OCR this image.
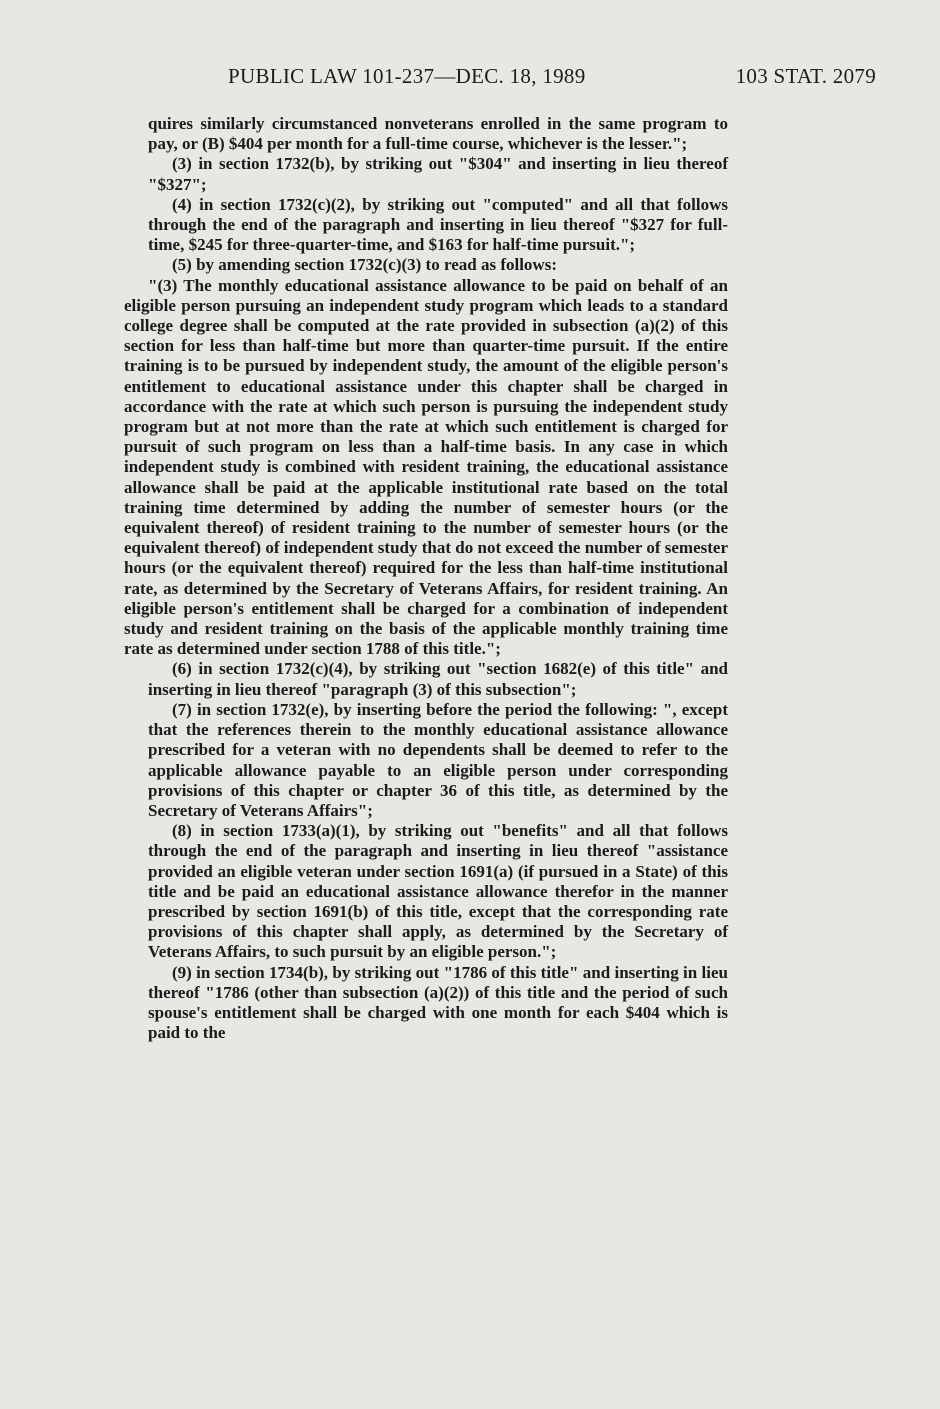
PUBLIC LAW 101-237—DEC. 18, 1989	103 STAT. 2079

quires similarly circumstanced nonveterans enrolled in the same program to pay, or (B) $404 per month for a full-time course, whichever is the lesser.";

(3) in section 1732(b), by striking out "$304" and inserting in lieu thereof "$327";

(4) in section 1732(c)(2), by striking out "computed" and all that follows through the end of the paragraph and inserting in lieu thereof "$327 for full-time, $245 for three-quarter-time, and $163 for half-time pursuit.";

(5) by amending section 1732(c)(3) to read as follows:

"(3) The monthly educational assistance allowance to be paid on behalf of an eligible person pursuing an independent study program which leads to a standard college degree shall be computed at the rate provided in subsection (a)(2) of this section for less than half-time but more than quarter-time pursuit. If the entire training is to be pursued by independent study, the amount of the eligible person's entitlement to educational assistance under this chapter shall be charged in accordance with the rate at which such person is pursuing the independent study program but at not more than the rate at which such entitlement is charged for pursuit of such program on less than a half-time basis. In any case in which independent study is combined with resident training, the educational assistance allowance shall be paid at the applicable institutional rate based on the total training time determined by adding the number of semester hours (or the equivalent thereof) of resident training to the number of semester hours (or the equivalent thereof) of independent study that do not exceed the number of semester hours (or the equivalent thereof) required for the less than half-time institutional rate, as determined by the Secretary of Veterans Affairs, for resident training. An eligible person's entitlement shall be charged for a combination of independent study and resident training on the basis of the applicable monthly training time rate as determined under section 1788 of this title.";

(6) in section 1732(c)(4), by striking out "section 1682(e) of this title" and inserting in lieu thereof "paragraph (3) of this subsection";

(7) in section 1732(e), by inserting before the period the following: ", except that the references therein to the monthly educational assistance allowance prescribed for a veteran with no dependents shall be deemed to refer to the applicable allowance payable to an eligible person under corresponding provisions of this chapter or chapter 36 of this title, as determined by the Secretary of Veterans Affairs";

(8) in section 1733(a)(1), by striking out "benefits" and all that follows through the end of the paragraph and inserting in lieu thereof "assistance provided an eligible veteran under section 1691(a) (if pursued in a State) of this title and be paid an educational assistance allowance therefor in the manner prescribed by section 1691(b) of this title, except that the corresponding rate provisions of this chapter shall apply, as determined by the Secretary of Veterans Affairs, to such pursuit by an eligible person.";

(9) in section 1734(b), by striking out "1786 of this title" and inserting in lieu thereof "1786 (other than subsection (a)(2)) of this title and the period of such spouse's entitlement shall be charged with one month for each $404 which is paid to the
